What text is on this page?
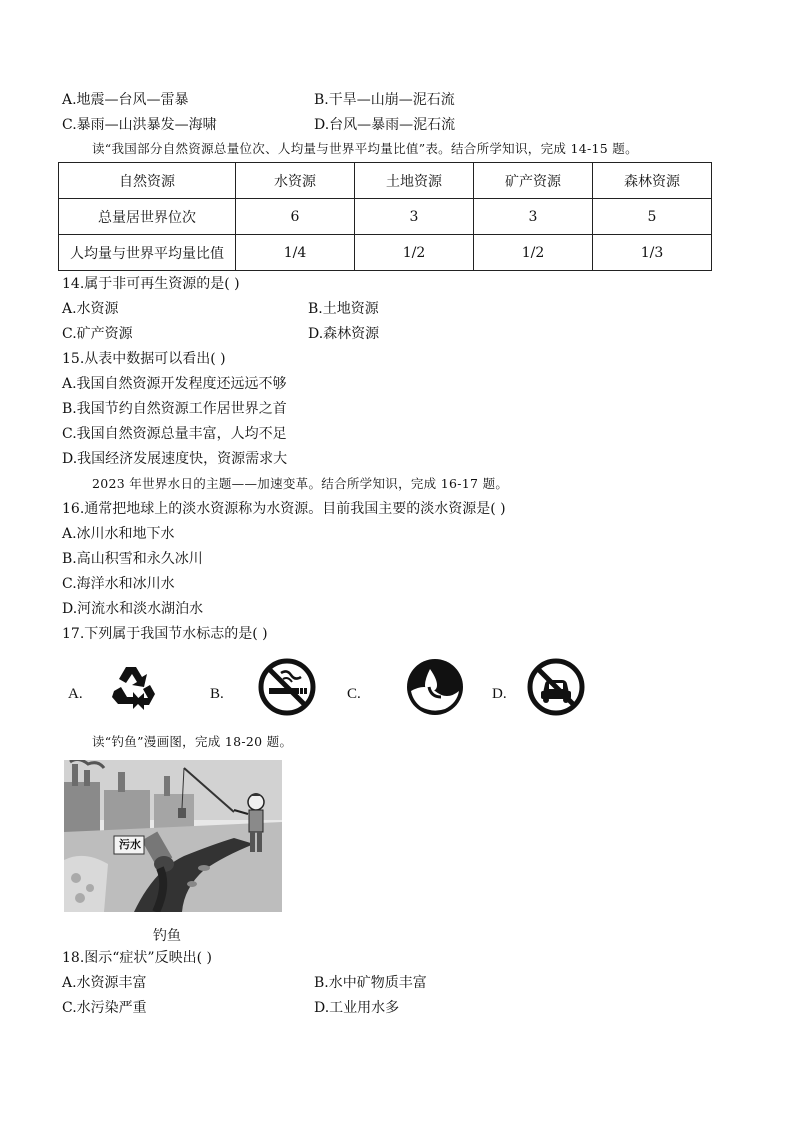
A.地震—台风—雷暴	B.干旱—山崩—泥石流
C.暴雨—山洪暴发—海啸	D.台风—暴雨—泥石流
读“我国部分自然资源总量位次、人均量与世界平均量比值”表。结合所学知识，完成 14-15 题。
自然资源	水资源	土地资源	矿产资源	森林资源
总量居世界位次	6	3	3	5
人均量与世界平均量比值	1/4	1/2	1/2	1/3
14.属于非可再生资源的是( )
A.水资源	B.土地资源
C.矿产资源	D.森林资源
15.从表中数据可以看出( )
A.我国自然资源开发程度还远远不够
B.我国节约自然资源工作居世界之首
C.我国自然资源总量丰富，人均不足
D.我国经济发展速度快，资源需求大
2023 年世界水日的主题——加速变革。结合所学知识，完成 16-17 题。
16.通常把地球上的淡水资源称为水资源。目前我国主要的淡水资源是( )
A.冰川水和地下水
B.高山积雪和永久冰川
C.海洋水和冰川水
D.河流水和淡水湖泊水
17.下列属于我国节水标志的是( )
A.	B.	C.	D.
读“钓鱼”漫画图，完成 18-20 题。
污水
钓鱼
18.图示“症状”反映出( )
A.水资源丰富	B.水中矿物质丰富
C.水污染严重	D.工业用水多
